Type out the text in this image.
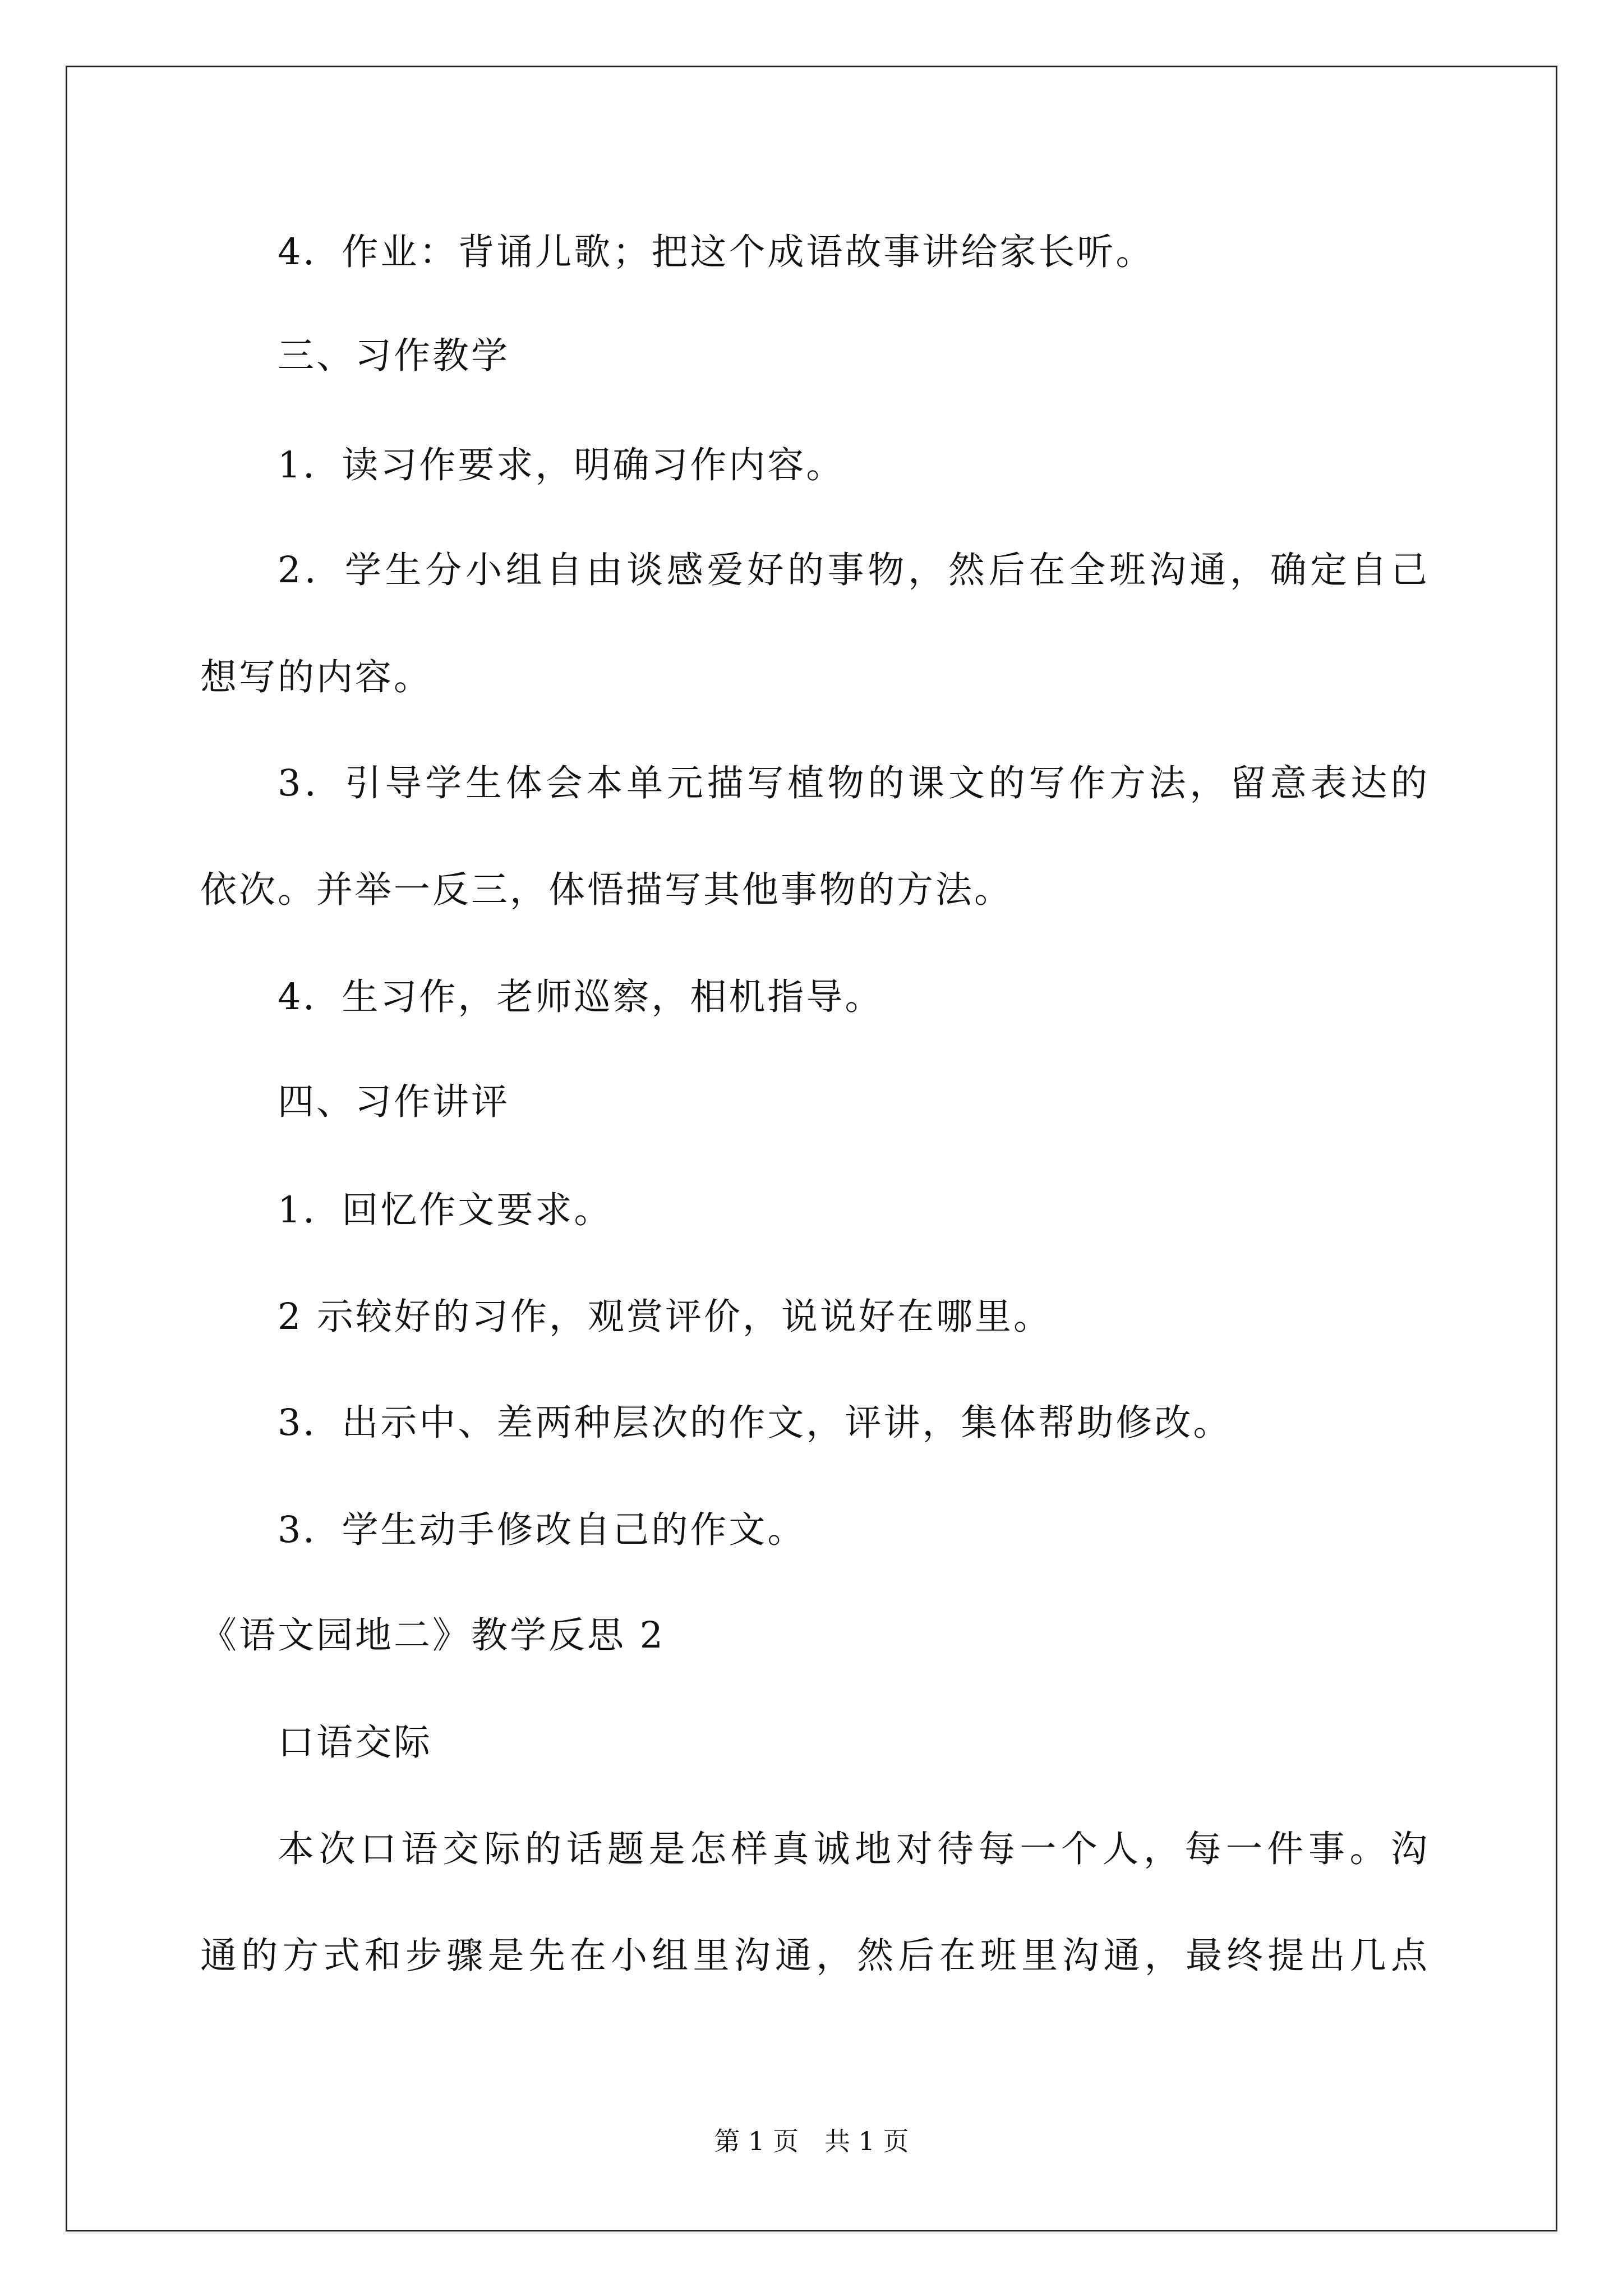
4．作业：背诵儿歌；把这个成语故事讲给家长听。
三、习作教学
1．读习作要求，明确习作内容。
2．学生分小组自由谈感爱好的事物，然后在全班沟通，确定自己
想写的内容。
3．引导学生体会本单元描写植物的课文的写作方法，留意表达的
依次。并举一反三，体悟描写其他事物的方法。
4．生习作，老师巡察，相机指导。
四、习作讲评
1．回忆作文要求。
2 示较好的习作，观赏评价，说说好在哪里。
3．出示中、差两种层次的作文，评讲，集体帮助修改。
3．学生动手修改自己的作文。
《语文园地二》教学反思 2
口语交际
本次口语交际的话题是怎样真诚地对待每一个人，每一件事。沟
通的方式和步骤是先在小组里沟通，然后在班里沟通，最终提出几点
第 1 页　共 1 页
